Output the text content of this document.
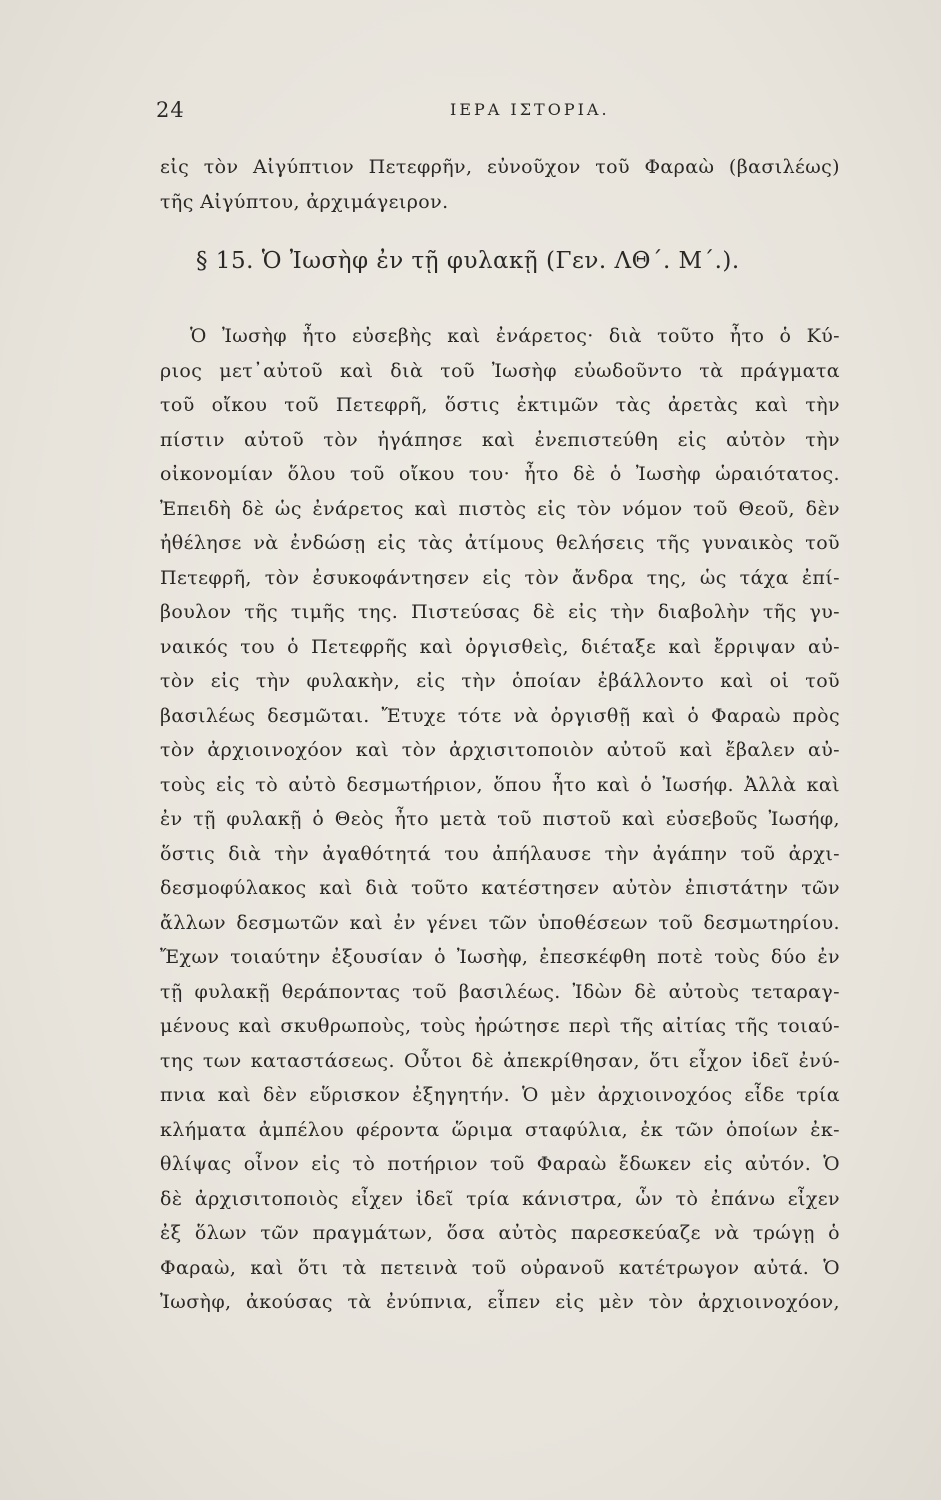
24	ΙΕΡΑ ΙΣΤΟΡΙΑ.
εἰς τὸν Αἰγύπτιον Πετεφρῆν, εὐνοῦχον τοῦ Φαραὼ (βασιλέως)
τῆς Αἰγύπτου, ἀρχιμάγειρον.
§ 15. Ὁ Ἰωσὴφ ἐν τῇ φυλακῇ (Γεν. ΛΘ΄. Μ΄.).
Ὁ Ἰωσὴφ ἦτο εὐσεβὴς καὶ ἐνάρετος· διὰ τοῦτο ἦτο ὁ Κύ-
ριος μετ᾽αὐτοῦ καὶ διὰ τοῦ Ἰωσὴφ εὐωδοῦντο τὰ πράγματα
τοῦ οἴκου τοῦ Πετεφρῆ, ὅστις ἐκτιμῶν τὰς ἀρετὰς καὶ τὴν
πίστιν αὐτοῦ τὸν ἠγάπησε καὶ ἐνεπιστεύθη εἰς αὐτὸν τὴν
οἰκονομίαν ὅλου τοῦ οἴκου του· ἦτο δὲ ὁ Ἰωσὴφ ὡραιότατος.
Ἐπειδὴ δὲ ὡς ἐνάρετος καὶ πιστὸς εἰς τὸν νόμον τοῦ Θεοῦ, δὲν
ἠθέλησε νὰ ἐνδώσῃ εἰς τὰς ἀτίμους θελήσεις τῆς γυναικὸς τοῦ
Πετεφρῆ, τὸν ἐσυκοφάντησεν εἰς τὸν ἄνδρα της, ὡς τάχα ἐπί-
βουλον τῆς τιμῆς της. Πιστεύσας δὲ εἰς τὴν διαβολὴν τῆς γυ-
ναικός του ὁ Πετεφρῆς καὶ ὀργισθεὶς, διέταξε καὶ ἔρριψαν αὐ-
τὸν εἰς τὴν φυλακὴν, εἰς τὴν ὁποίαν ἐβάλλοντο καὶ οἱ τοῦ
βασιλέως δεσμῶται. Ἔτυχε τότε νὰ ὀργισθῇ καὶ ὁ Φαραὼ πρὸς
τὸν ἀρχιοινοχόον καὶ τὸν ἀρχισιτοποιὸν αὐτοῦ καὶ ἔβαλεν αὐ-
τοὺς εἰς τὸ αὐτὸ δεσμωτήριον, ὅπου ἦτο καὶ ὁ Ἰωσήφ. Ἀλλὰ καὶ
ἐν τῇ φυλακῇ ὁ Θεὸς ἦτο μετὰ τοῦ πιστοῦ καὶ εὐσεβοῦς Ἰωσήφ,
ὅστις διὰ τὴν ἀγαθότητά του ἀπήλαυσε τὴν ἀγάπην τοῦ ἀρχι-
δεσμοφύλακος καὶ διὰ τοῦτο κατέστησεν αὐτὸν ἐπιστάτην τῶν
ἄλλων δεσμωτῶν καὶ ἐν γένει τῶν ὑποθέσεων τοῦ δεσμωτηρίου.
Ἔχων τοιαύτην ἐξουσίαν ὁ Ἰωσὴφ, ἐπεσκέφθη ποτὲ τοὺς δύο ἐν
τῇ φυλακῇ θεράποντας τοῦ βασιλέως. Ἰδὼν δὲ αὐτοὺς τεταραγ-
μένους καὶ σκυθρωποὺς, τοὺς ἠρώτησε περὶ τῆς αἰτίας τῆς τοιαύ-
της των καταστάσεως. Οὗτοι δὲ ἀπεκρίθησαν, ὅτι εἶχον ἰδεῖ ἐνύ-
πνια καὶ δὲν εὕρισκον ἐξηγητήν. Ὁ μὲν ἀρχιοινοχόος εἶδε τρία
κλήματα ἀμπέλου φέροντα ὥριμα σταφύλια, ἐκ τῶν ὁποίων ἐκ-
θλίψας οἶνον εἰς τὸ ποτήριον τοῦ Φαραὼ ἔδωκεν εἰς αὐτόν. Ὁ
δὲ ἀρχισιτοποιὸς εἶχεν ἰδεῖ τρία κάνιστρα, ὧν τὸ ἐπάνω εἶχεν
ἐξ ὅλων τῶν πραγμάτων, ὅσα αὐτὸς παρεσκεύαζε νὰ τρώγῃ ὁ
Φαραὼ, καὶ ὅτι τὰ πετεινὰ τοῦ οὐρανοῦ κατέτρωγον αὐτά. Ὁ
Ἰωσὴφ, ἀκούσας τὰ ἐνύπνια, εἶπεν εἰς μὲν τὸν ἀρχιοινοχόον,
